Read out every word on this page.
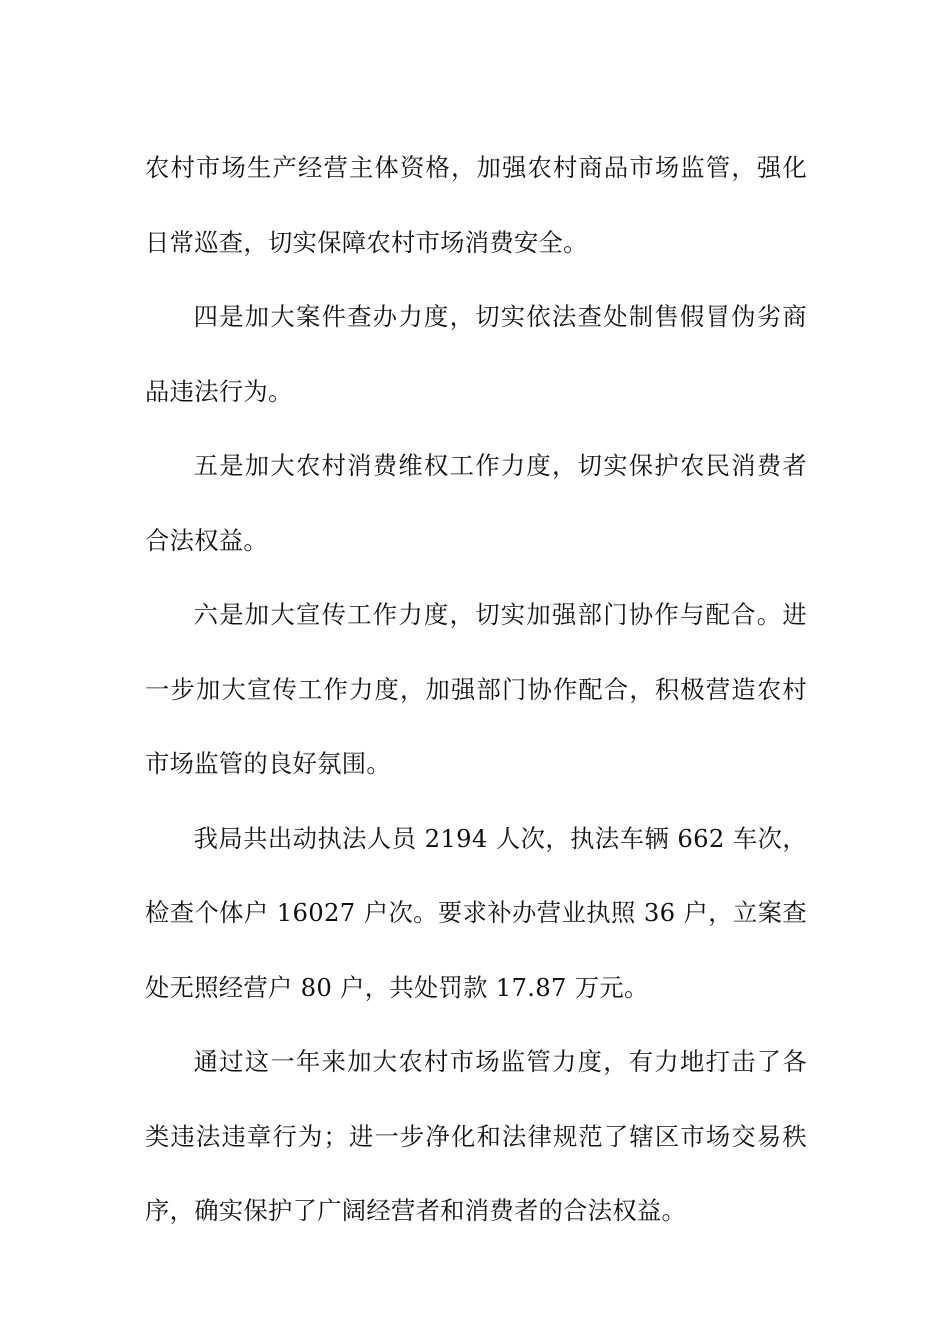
农村市场生产经营主体资格，加强农村商品市场监管，强化日常巡查，切实保障农村市场消费安全。

四是加大案件查办力度，切实依法查处制售假冒伪劣商品违法行为。

五是加大农村消费维权工作力度，切实保护农民消费者合法权益。

六是加大宣传工作力度，切实加强部门协作与配合。进一步加大宣传工作力度，加强部门协作配合，积极营造农村市场监管的良好氛围。

我局共出动执法人员 2194 人次，执法车辆 662 车次，检查个体户 16027 户次。要求补办营业执照 36 户，立案查处无照经营户 80 户，共处罚款 17.87 万元。

通过这一年来加大农村市场监管力度，有力地打击了各类违法违章行为；进一步净化和法律规范了辖区市场交易秩序，确实保护了广阔经营者和消费者的合法权益。
